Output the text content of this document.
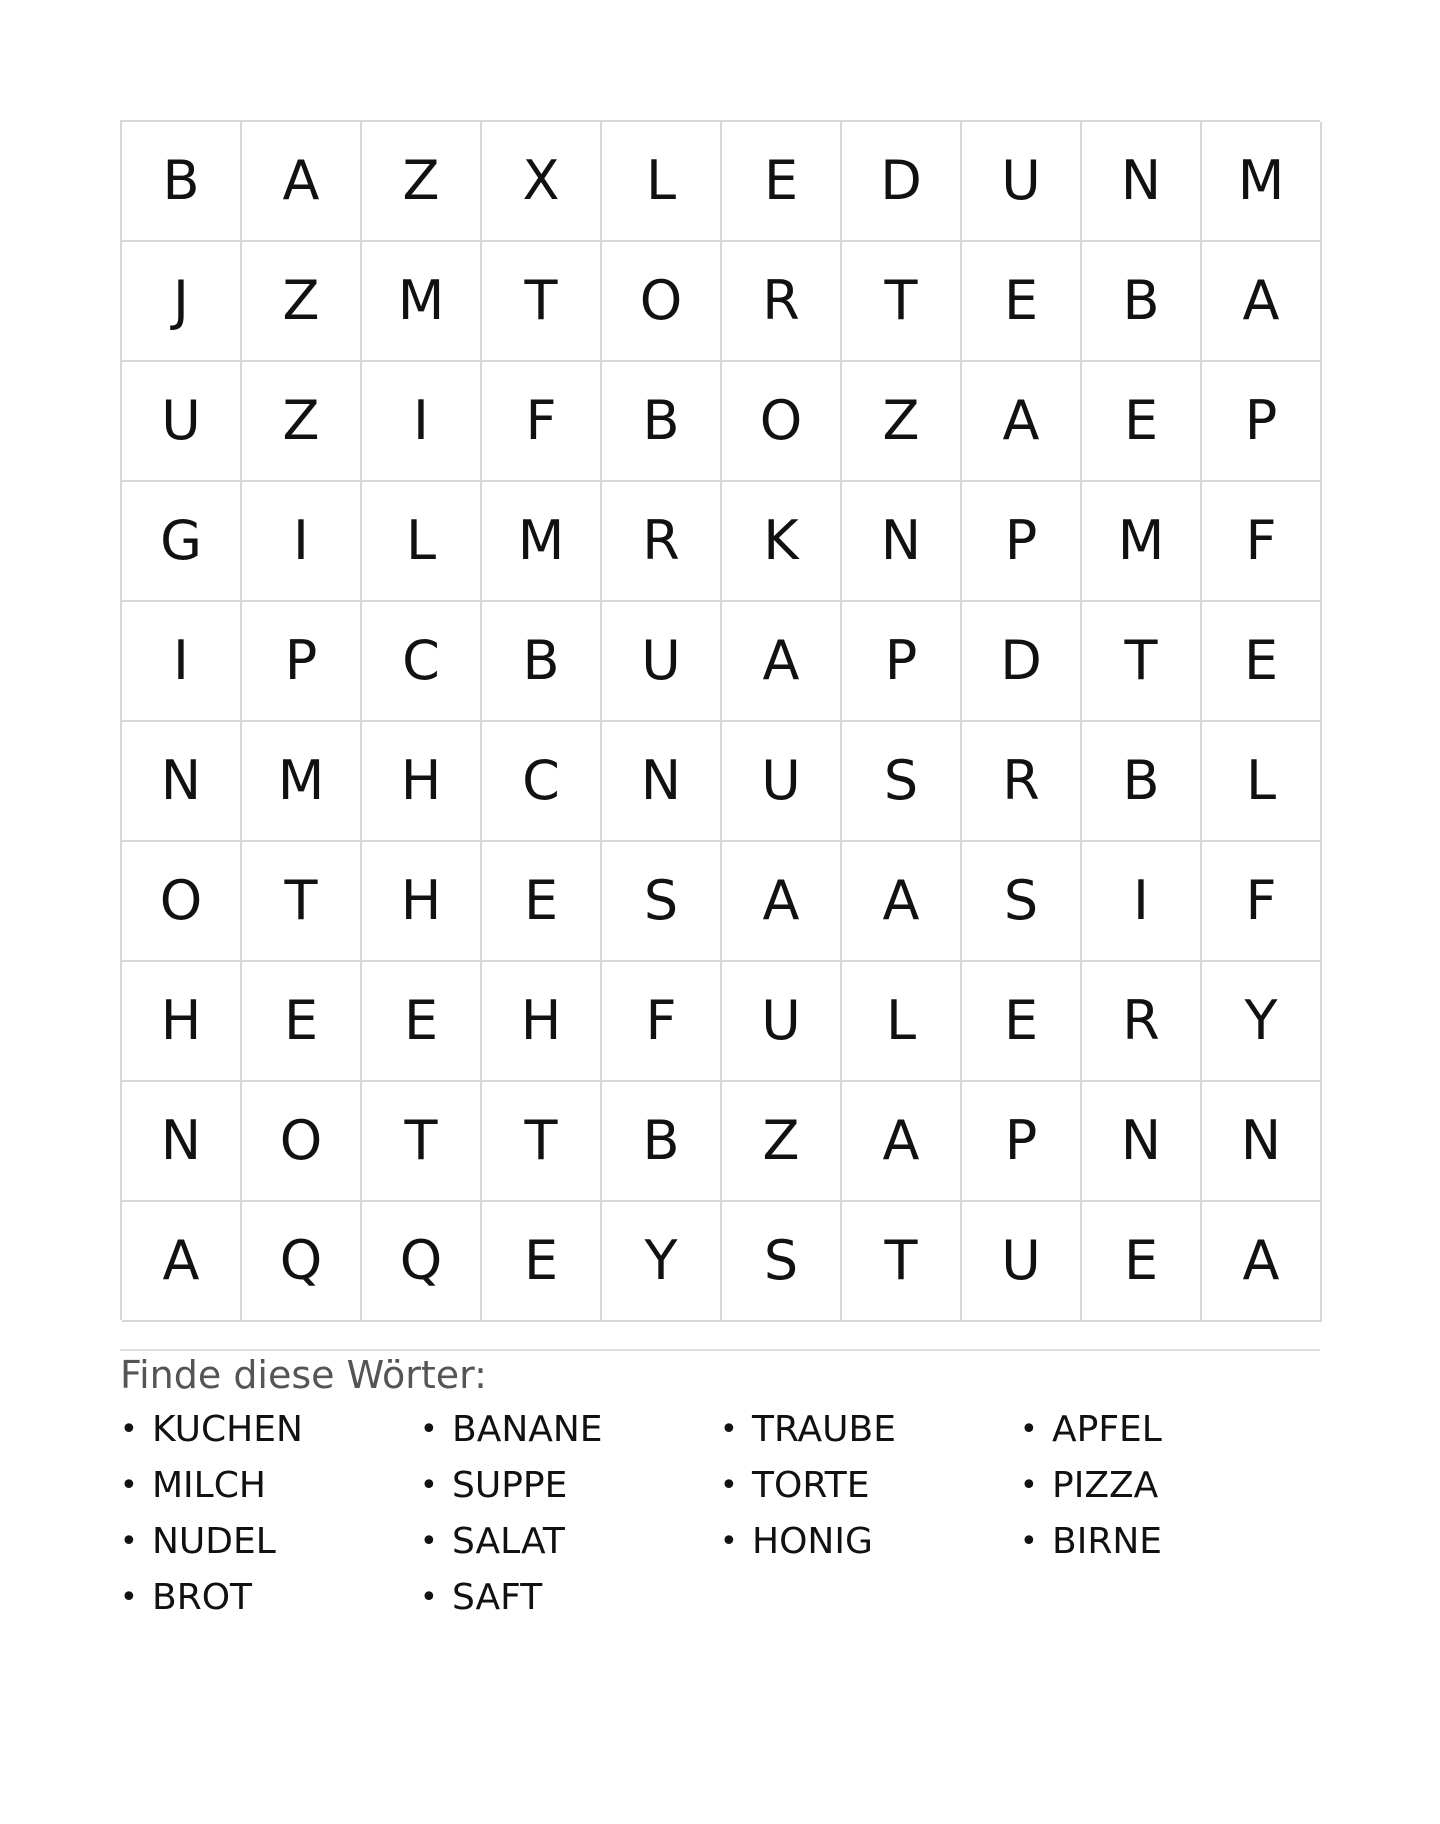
B	A	Z	X	L	E	D	U	N	M
J	Z	M	T	O	R	T	E	B	A
U	Z	I	F	B	O	Z	A	E	P
G	I	L	M	R	K	N	P	M	F
I	P	C	B	U	A	P	D	T	E
N	M	H	C	N	U	S	R	B	L
O	T	H	E	S	A	A	S	I	F
H	E	E	H	F	U	L	E	R	Y
N	O	T	T	B	Z	A	P	N	N
A	Q	Q	E	Y	S	T	U	E	A
Finde diese Wörter:
• KUCHEN
• MILCH
• NUDEL
• BROT
• BANANE
• SUPPE
• SALAT
• SAFT
• TRAUBE
• TORTE
• HONIG
• APFEL
• PIZZA
• BIRNE
